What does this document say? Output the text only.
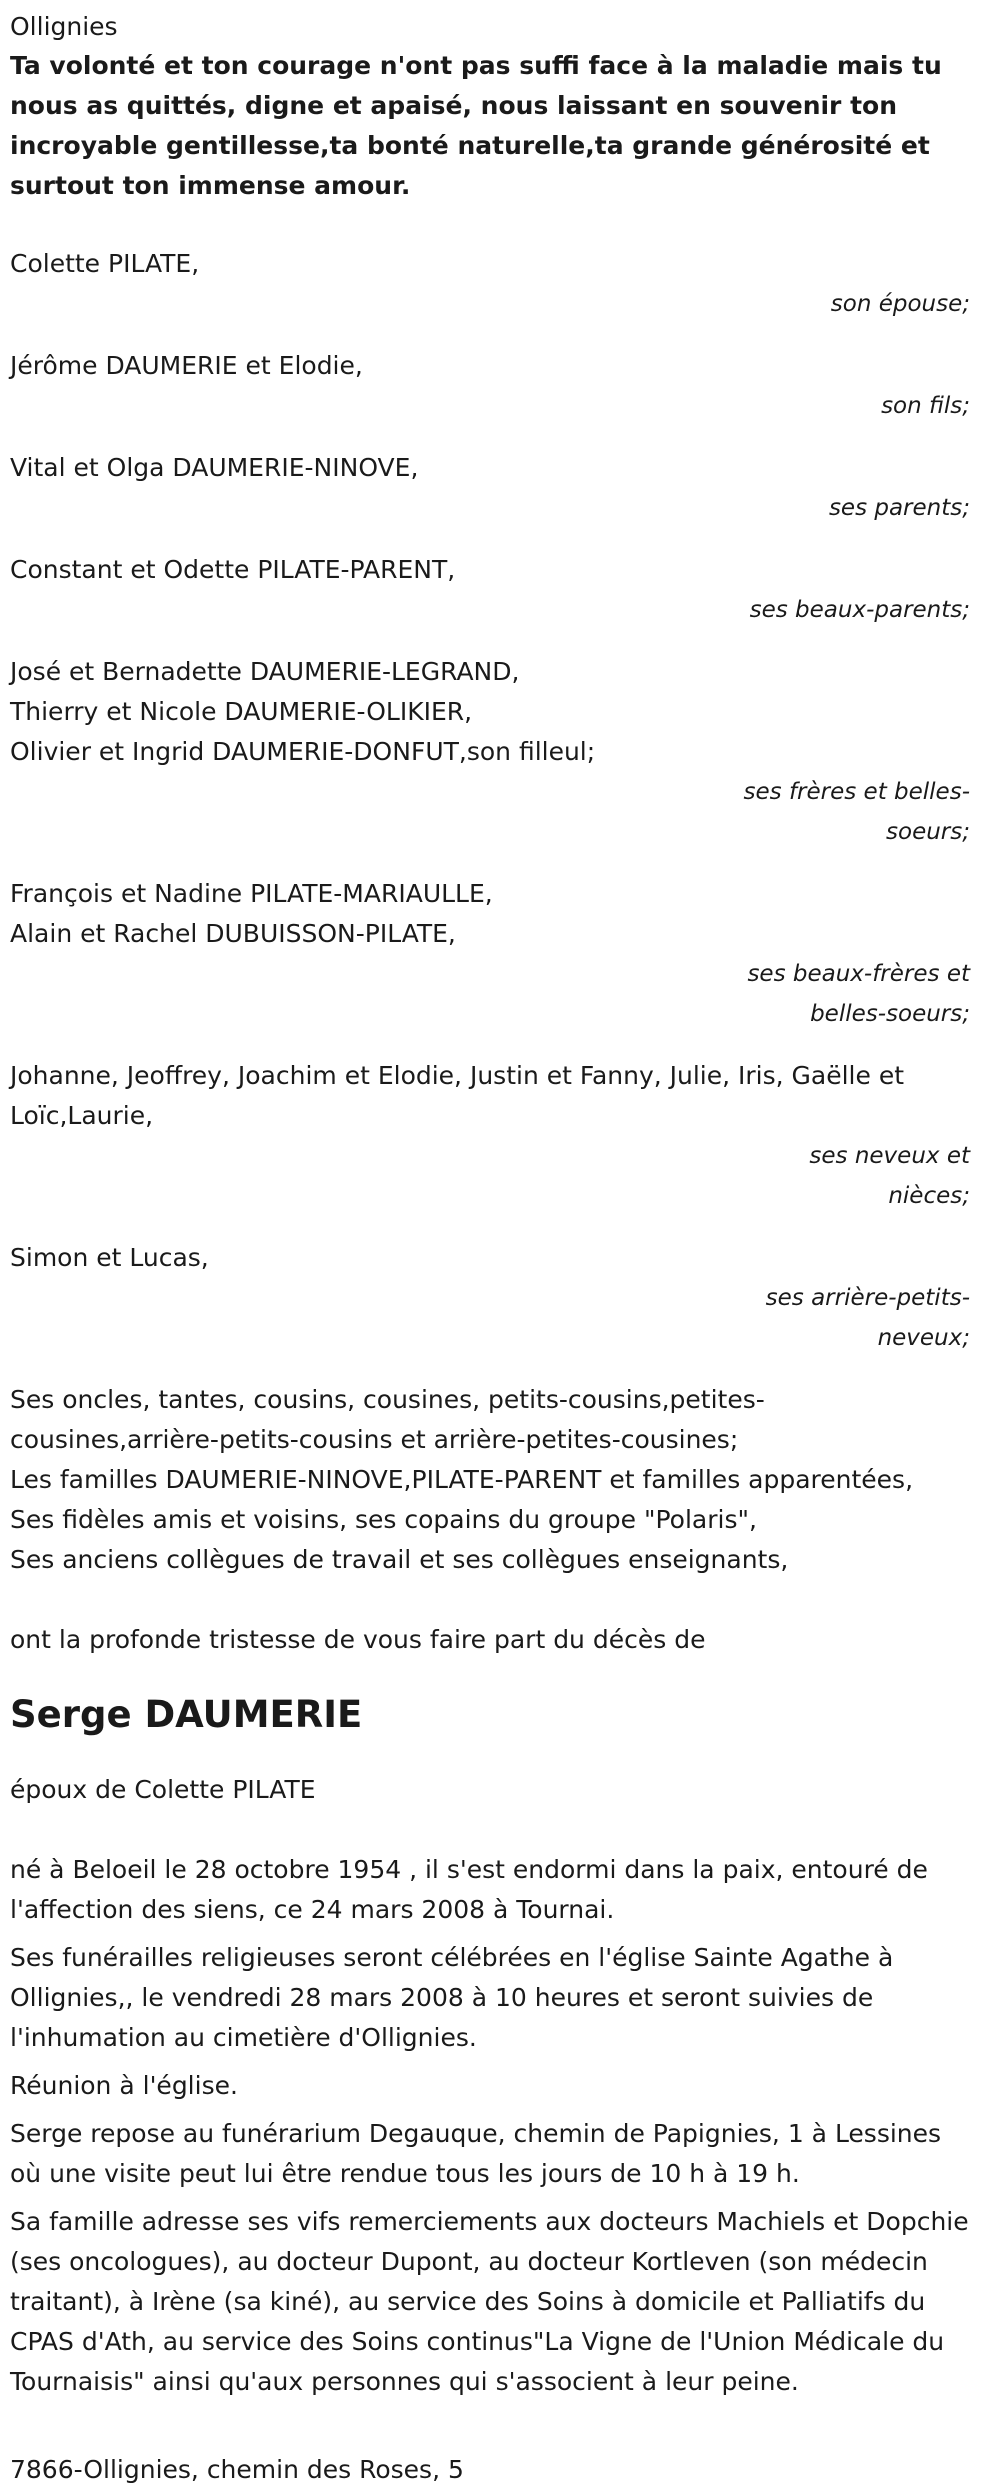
Ollignies
Ta volonté et ton courage n'ont pas suffi face à la maladie mais tu nous as quittés, digne et apaisé, nous laissant en souvenir ton incroyable gentillesse,ta bonté naturelle,ta grande générosité et surtout ton immense amour.
Colette PILATE,
son épouse;
Jérôme DAUMERIE et Elodie,
son fils;
Vital et Olga DAUMERIE-NINOVE,
ses parents;
Constant et Odette PILATE-PARENT,
ses beaux-parents;
José et Bernadette DAUMERIE-LEGRAND,
Thierry et Nicole DAUMERIE-OLIKIER,
Olivier et Ingrid DAUMERIE-DONFUT,son filleul;
ses frères et belles-soeurs;
François et Nadine PILATE-MARIAULLE,
Alain et Rachel DUBUISSON-PILATE,
ses beaux-frères et belles-soeurs;
Johanne, Jeoffrey, Joachim et Elodie, Justin et Fanny, Julie, Iris, Gaëlle et Loïc,Laurie,
ses neveux et nièces;
Simon et Lucas,
ses arrière-petits-neveux;
Ses oncles, tantes, cousins, cousines, petits-cousins,petites-cousines,arrière-petits-cousins et arrière-petites-cousines;
Les familles DAUMERIE-NINOVE,PILATE-PARENT et familles apparentées,
Ses fidèles amis et voisins, ses copains du groupe "Polaris",
Ses anciens collègues de travail et ses collègues enseignants,
ont la profonde tristesse de vous faire part du décès de
Serge DAUMERIE
époux de Colette PILATE
né à Beloeil le 28 octobre 1954 , il s'est endormi dans la paix, entouré de l'affection des siens, ce 24 mars 2008 à Tournai.
Ses funérailles religieuses seront célébrées en l'église Sainte Agathe à Ollignies,, le vendredi 28 mars 2008 à 10 heures et seront suivies de l'inhumation au cimetière d'Ollignies.
Réunion à l'église.
Serge repose au funérarium Degauque, chemin de Papignies, 1 à Lessines où une visite peut lui être rendue tous les jours de 10 h à 19 h.
Sa famille adresse ses vifs remerciements aux docteurs Machiels et Dopchie (ses oncologues), au docteur Dupont, au docteur Kortleven (son médecin traitant), à Irène (sa kiné), au service des Soins à domicile et Palliatifs du CPAS d'Ath, au service des Soins continus"La Vigne de l'Union Médicale du Tournaisis" ainsi qu'aux personnes qui s'associent à leur peine.
7866-Ollignies, chemin des Roses, 5
